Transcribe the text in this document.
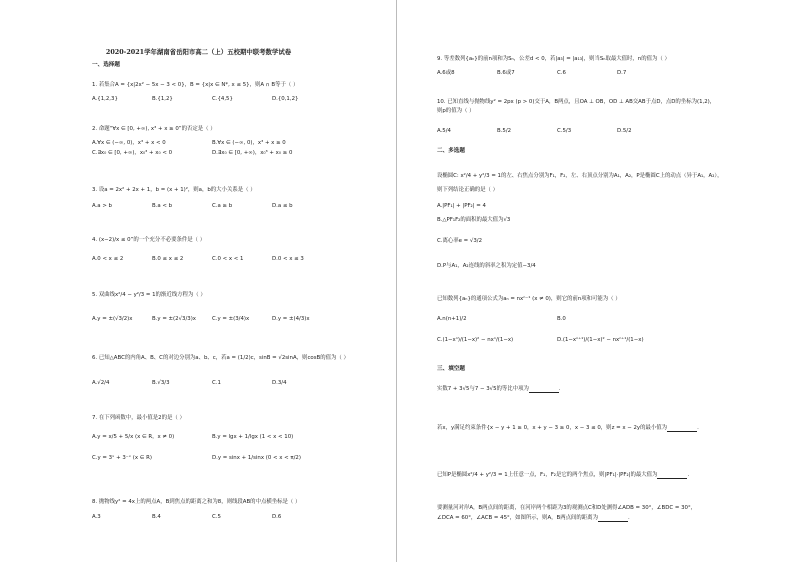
2020-2021学年湖南省岳阳市高二（上）五校期中联考数学试卷
一、选择题
1. 若集合A = {x|2x² − 5x − 3 < 0}，B = {x|x ∈ N*, x ≤ 5}，则A ∩ B等于（ ）
A.{1,2,3}	B.{1,2}	C.{4,5}	D.{0,1,2}
2. 命题“∀x ∈ [0, +∞), x³ + x ≥ 0”的否定是（ ）
A.∀x ∈ (−∞, 0)，x³ + x < 0	B.∀x ∈ (−∞, 0)，x³ + x ≥ 0
C.∃x₀ ∈ [0, +∞)，x₀³ + x₀ < 0	D.∃x₀ ∈ [0, +∞)，x₀³ + x₀ ≥ 0
3. 设a = 2x² + 2x + 1，b = (x + 1)²，则a，b的大小关系是（ ）
A.a > b	B.a < b	C.a ≥ b	D.a ≤ b
4. (x−2)/x ≤ 0”的一个充分不必要条件是（ ）
A.0 < x ≤ 2	B.0 ≤ x ≤ 2	C.0 < x < 1	D.0 < x ≤ 3
5. 双曲线x²/4 − y²/3 = 1的渐近线方程为（ ）
A.y = ±(√3/2)x	B.y = ±(2√3/3)x	C.y = ±(3/4)x	D.y = ±(4/3)x
6. 已知△ABC的内角A、B、C的对边分别为a、b、c，若a = (1/2)c，sinB = √2sinA，则cosB的值为（ ）
A.√2/4	B.√3/3	C.1	D.3/4
7. 在下列函数中，最小值是2的是（ ）
A.y = x/5 + 5/x (x ∈ R，x ≠ 0)	B.y = lgx + 1/lgx (1 < x < 10)
C.y = 3ˣ + 3⁻ˣ (x ∈ R)	D.y = sinx + 1/sinx (0 < x < π/2)
8. 抛物线y² = 4x上的两点A，B到焦点的距离之和为8，则线段AB的中点横坐标是（ ）
A.3	B.4	C.5	D.6
9. 等差数列{aₙ}的前n项和为Sₙ，公差d < 0，若|a₃| = |a₁₃|，则当Sₙ取最大值时，n的值为（ ）
A.6或8	B.6或7	C.6	D.7
10. 已知直线与抛物线y² = 2px (p > 0)交于A，B两点，且OA ⊥ OB，OD ⊥ AB交AB于点D，点D的坐标为(1,2)，
则p的值为（ ）
A.5/4	B.5/2	C.5/3	D.5/2
二、多选题
设椭圆C: x²/4 + y²/3 = 1的左、右焦点分别为F₁，F₂，左、右顶点分别为A₁，A₂，P是椭圆C上的动点（异于A₁，A₂），
则下列结论正确的是（ ）
A.|PF₁| + |PF₂| = 4
B.△PF₁F₂的面积的最大值为√3
C.离心率e = √3/2
D.P与A₁，A₂连线的斜率之积为定值−3/4
已知数列{aₙ}的通项公式为aₙ = nxⁿ⁻¹ (x ≠ 0)，则它的前n项和可能为（ ）
A.n(n+1)/2	B.0
C.(1−xⁿ)/(1−x)² − nxⁿ/(1−x)	D.(1−xⁿ⁺¹)/(1−x)² − nxⁿ⁺¹/(1−x)
三、填空题
实数7 + 3√5与7 − 3√5的等比中项为	.
若x，y满足约束条件{x − y + 1 ≥ 0，x + y − 3 ≥ 0，x − 3 ≤ 0，则z = x − 2y的最小值为	.
已知P是椭圆x²/4 + y²/3 = 1上任意一点，F₁，F₂是它的两个焦点，则|PF₁|·|PF₂|的最大值为	.
要测量河对岸A，B两点间的距离，在河岸两个相距为3的观测点C和D处测得∠ADB = 30°，∠BDC = 30°，
∠DCA = 60°，∠ACB = 45°，如图所示，则A，B两点间的距离为	.
